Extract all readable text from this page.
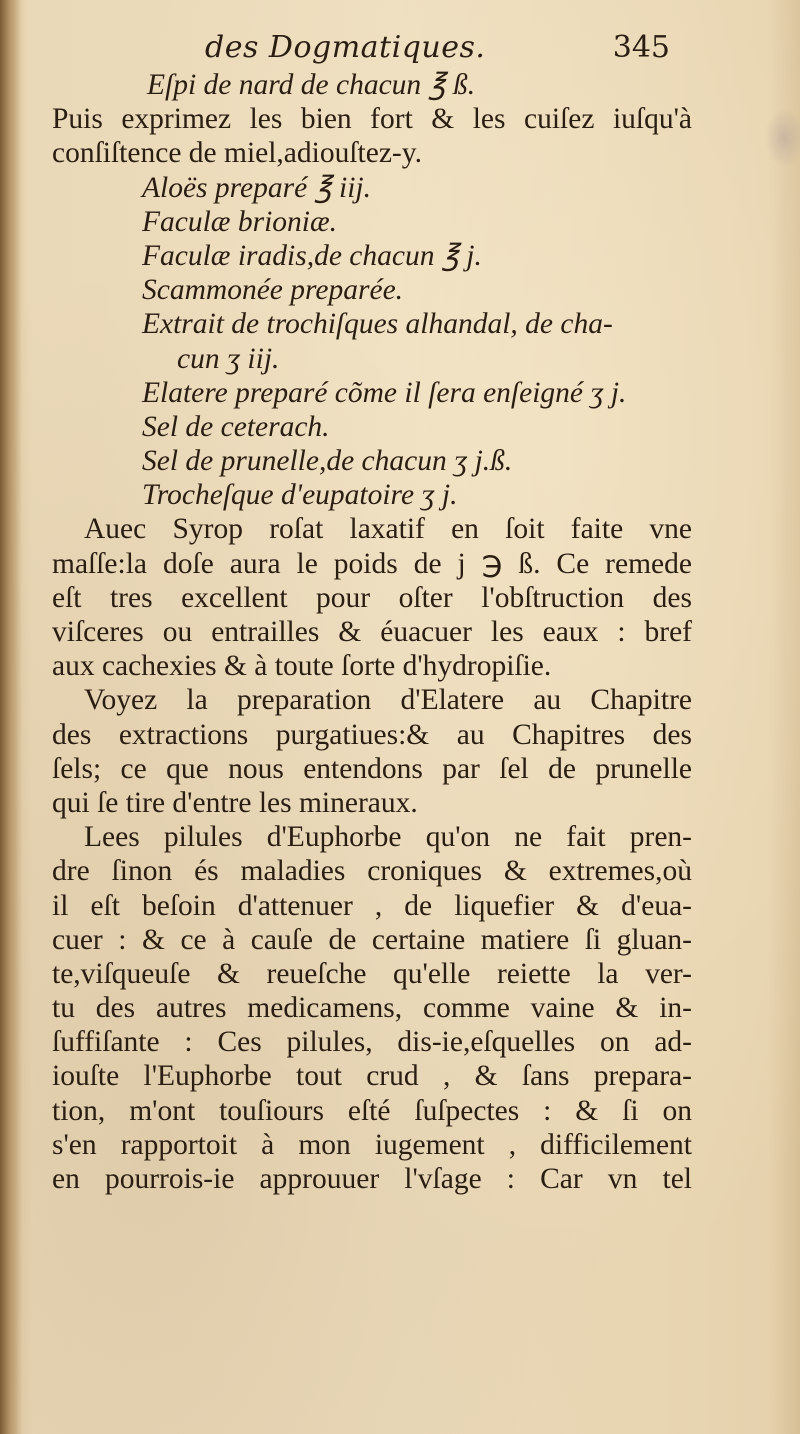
des Dogmatiques.	345
Eſpi de nard de chacun ℥ ß.
Puis exprimez les bien fort & les cuiſez iuſqu'à
conſiſtence de miel,adiouſtez-y.
Aloës preparé ℥ iij.
Faculæ brioniæ.
Faculæ iradis,de chacun ℥ j.
Scammonée preparée.
Extrait de trochiſques alhandal, de cha-
cun ʒ iij.
Elatere preparé cõme il ſera enſeigné ʒ j.
Sel de ceterach.
Sel de prunelle,de chacun ʒ j.ß.
Trocheſque d'eupatoire ʒ j.
Auec Syrop roſat laxatif en ſoit faite vne
maſſe:la doſe aura le poids de j ℈ ß. Ce remede
eſt tres excellent pour oſter l'obſtruction des
viſceres ou entrailles & éuacuer les eaux : bref
aux cachexies & à toute ſorte d'hydropiſie.
Voyez la preparation d'Elatere au Chapitre
des extractions purgatiues:& au Chapitres des
ſels; ce que nous entendons par ſel de prunelle
qui ſe tire d'entre les mineraux.
Lees pilules d'Euphorbe qu'on ne fait pren-
dre ſinon és maladies croniques & extremes,où
il eſt beſoin d'attenuer , de liquefier & d'eua-
cuer : & ce à cauſe de certaine matiere ſi gluan-
te,viſqueuſe & reueſche qu'elle reiette la ver-
tu des autres medicamens, comme vaine & in-
ſuffiſante : Ces pilules, dis-ie,eſquelles on ad-
iouſte l'Euphorbe tout crud , & ſans prepara-
tion, m'ont touſiours eſté ſuſpectes : & ſi on
s'en rapportoit à mon iugement , difficilement
en pourrois-ie approuuer l'vſage : Car vn tel
